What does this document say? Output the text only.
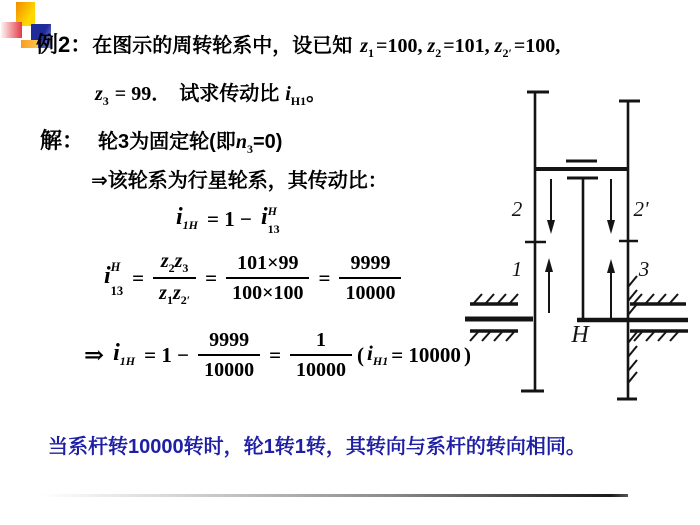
例2：在图示的周转轮系中，设已知 $z_1 =100$, $z_2 =101$, $z_{2'} =100$,
$z_3 = 99$． 试求传动比 $i_{H1}$。
解： 轮3为固定轮(即$n_3=0$)
⇒该轮系为行星轮系，其传动比：
$i_{1H} = 1 - i$ H
13
i H
13
= $\frac{z_2z_3}{z_1z_{2'}} = \frac{101\times 99}{100\times 100} = \frac{9999}{10000}$
⇒ $i_{1H} = 1 - \frac{9999}{10000} = \frac{1}{10000}$ ( $i_{H1} = 10000$ )
当系杆转10000转时，轮1转1转，其转向与系杆的转向相同。
2	2'
1	3
H
